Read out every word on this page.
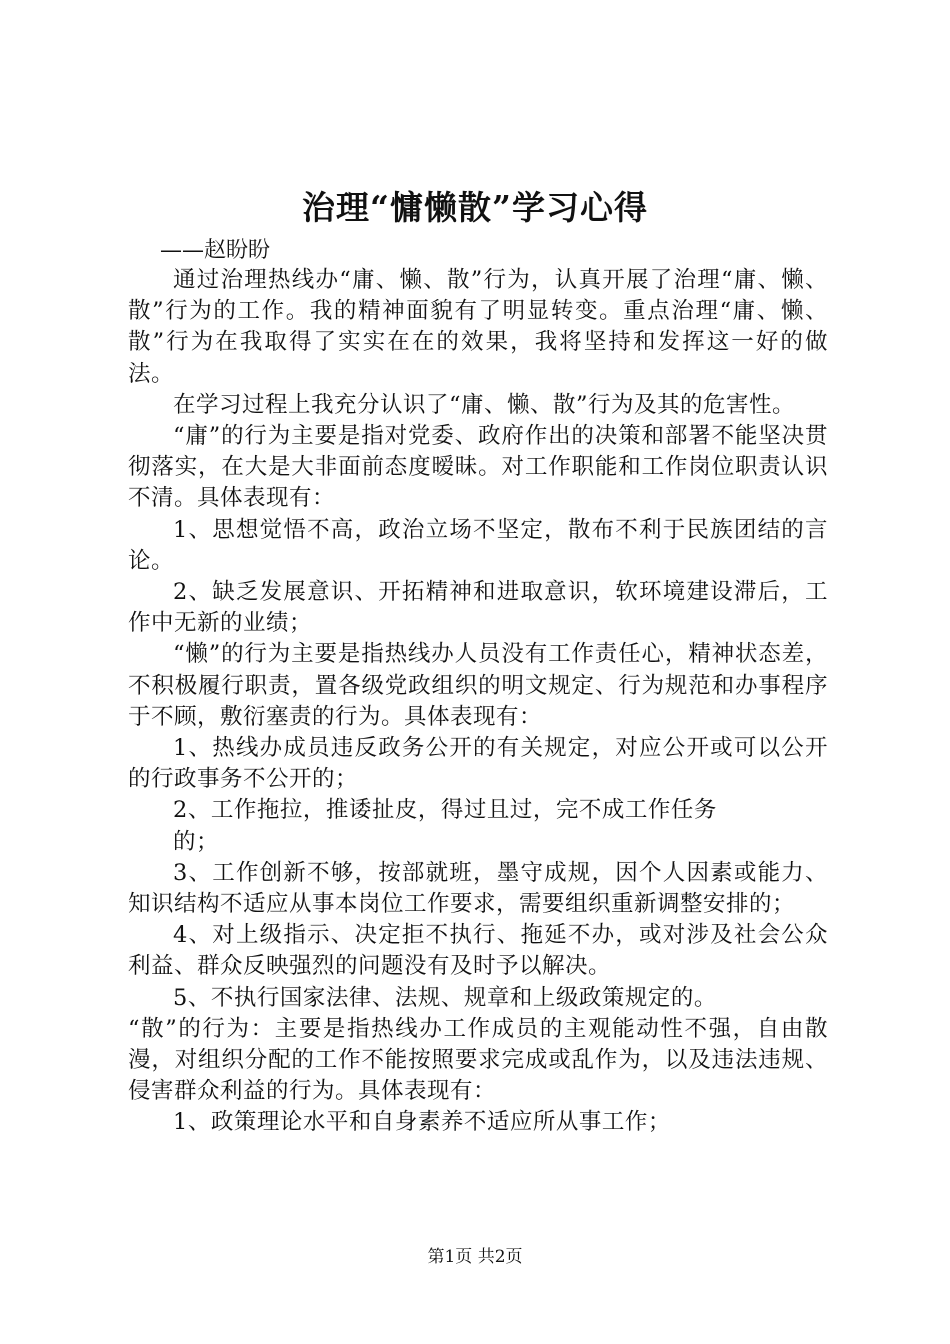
治理“慵懒散”学习心得
——赵盼盼

通过治理热线办“庸、懒、散”行为，认真开展了治理“庸、懒、散”行为的工作。我的精神面貌有了明显转变。重点治理“庸、懒、散”行为在我取得了实实在在的效果，我将坚持和发挥这一好的做法。

在学习过程上我充分认识了“庸、懒、散”行为及其的危害性。

“庸”的行为主要是指对党委、政府作出的决策和部署不能坚决贯彻落实，在大是大非面前态度暧昧。对工作职能和工作岗位职责认识不清。具体表现有：

1、思想觉悟不高，政治立场不坚定，散布不利于民族团结的言论。

2、缺乏发展意识、开拓精神和进取意识，软环境建设滞后，工作中无新的业绩；

“懒”的行为主要是指热线办人员没有工作责任心，精神状态差，不积极履行职责，置各级党政组织的明文规定、行为规范和办事程序于不顾，敷衍塞责的行为。具体表现有：

1、热线办成员违反政务公开的有关规定，对应公开或可以公开的行政事务不公开的；

2、工作拖拉，推诿扯皮，得过且过，完不成工作任务

的；

3、工作创新不够，按部就班，墨守成规，因个人因素或能力、知识结构不适应从事本岗位工作要求，需要组织重新调整安排的；

4、对上级指示、决定拒不执行、拖延不办，或对涉及社会公众利益、群众反映强烈的问题没有及时予以解决。

5、不执行国家法律、法规、规章和上级政策规定的。

“散”的行为：主要是指热线办工作成员的主观能动性不强，自由散漫，对组织分配的工作不能按照要求完成或乱作为，以及违法违规、侵害群众利益的行为。具体表现有：

1、政策理论水平和自身素养不适应所从事工作；

第1页 共2页
